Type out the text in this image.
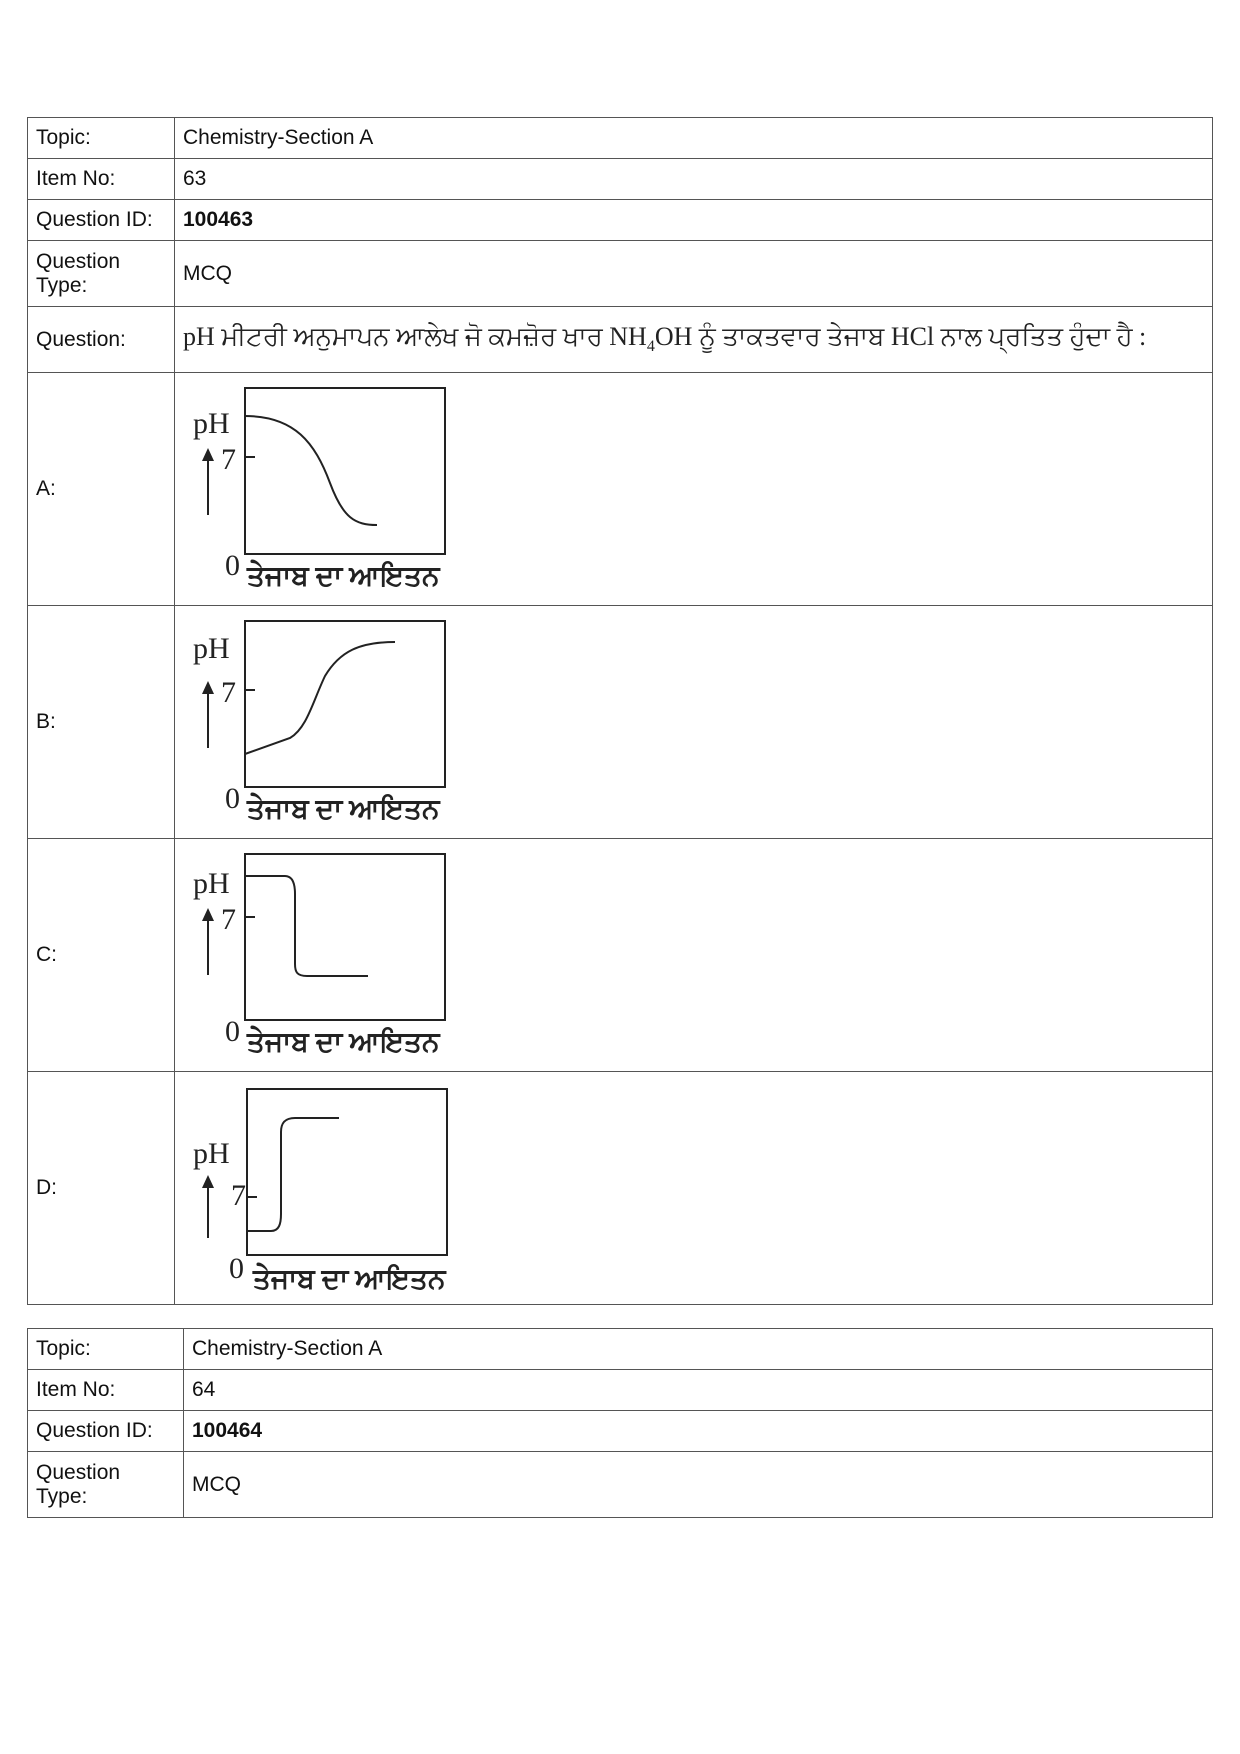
Topic:	Chemistry-Section A
Item No:	63
Question ID:	100463
Question Type:	MCQ
Question:	pH ਮੀਟਰੀ ਅਨੁਮਾਪਨ ਆਲੇਖ ਜੋ ਕਮਜ਼ੋਰ ਖਾਰ $NH_4OH$ ਨੂੰ ਤਾਕਤਵਾਰ ਤੇਜਾਬ HCl ਨਾਲ ਪ੍ਰਤਿਤ ਹੁੰਦਾ ਹੈ :
A:	pH
7
0 ਤੇਜਾਬ ਦਾ ਆਇਤਨ

B:	pH
7
0 ਤੇਜਾਬ ਦਾ ਆਇਤਨ

C:	pH
7
0 ਤੇਜਾਬ ਦਾ ਆਇਤਨ

D:	pH
7
0 ਤੇਜਾਬ ਦਾ ਆਇਤਨ
Topic:	Chemistry-Section A
Item No:	64
Question ID:	100464
Question Type:	MCQ
